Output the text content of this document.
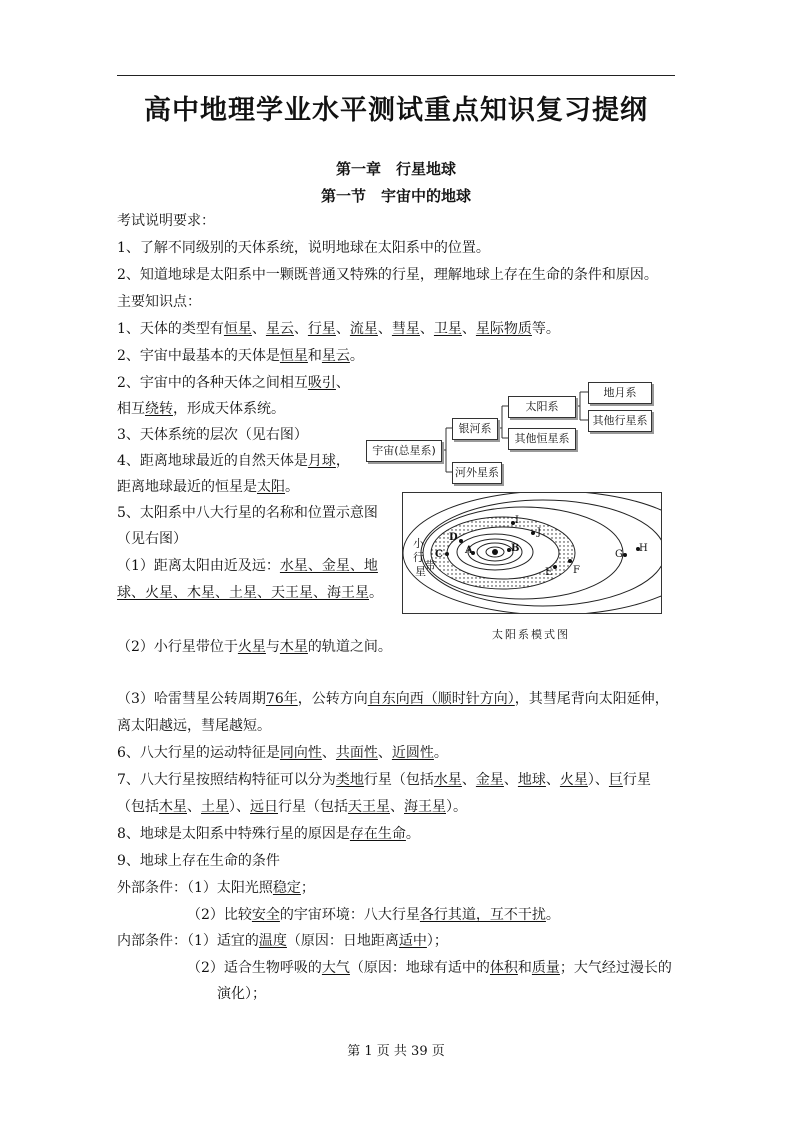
高中地理学业水平测试重点知识复习提纲
第一章　行星地球
第一节　宇宙中的地球
考试说明要求：
1、了解不同级别的天体系统，说明地球在太阳系中的位置。
2、知道地球是太阳系中一颗既普通又特殊的行星，理解地球上存在生命的条件和原因。
主要知识点：
1、天体的类型有恒星、星云、行星、流星、彗星、卫星、星际物质等。
2、宇宙中最基本的天体是恒星和星云。
2、宇宙中的各种天体之间相互吸引、
相互绕转，形成天体系统。
3、天体系统的层次（见右图）
4、距离地球最近的自然天体是月球，
距离地球最近的恒星是太阳。
5、太阳系中八大行星的名称和位置示意图
（见右图）
（1）距离太阳由近及远：水星、金星、地
球、火星、木星、土星、天王星、海王星。
（2）小行星带位于火星与木星的轨道之间。
（3）哈雷彗星公转周期76年，公转方向自东向西（顺时针方向），其彗尾背向太阳延伸，
离太阳越远，彗尾越短。
6、八大行星的运动特征是同向性、共面性、近圆性。
7、八大行星按照结构特征可以分为类地行星（包括水星、金星、地球、火星）、巨行星
（包括木星、土星）、远日行星（包括天王星、海王星）。
8、地球是太阳系中特殊行星的原因是存在生命。
9、地球上存在生命的条件
外部条件：（1）太阳光照稳定；
（2）比较安全的宇宙环境：八大行星各行其道，互不干扰。
内部条件：（1）适宜的温度（原因：日地距离适中）；
（2）适合生物呼吸的大气（原因：地球有适中的体积和质量；大气经过漫长的
演化）；
宇宙(总星系)
银河系
河外星系
太阳系
其他恒星系
地月系
其他行星系
小
行
星 带
A	B
C
D
E F
G
H
I
J
太阳系模式图
第 1 页 共 39 页
